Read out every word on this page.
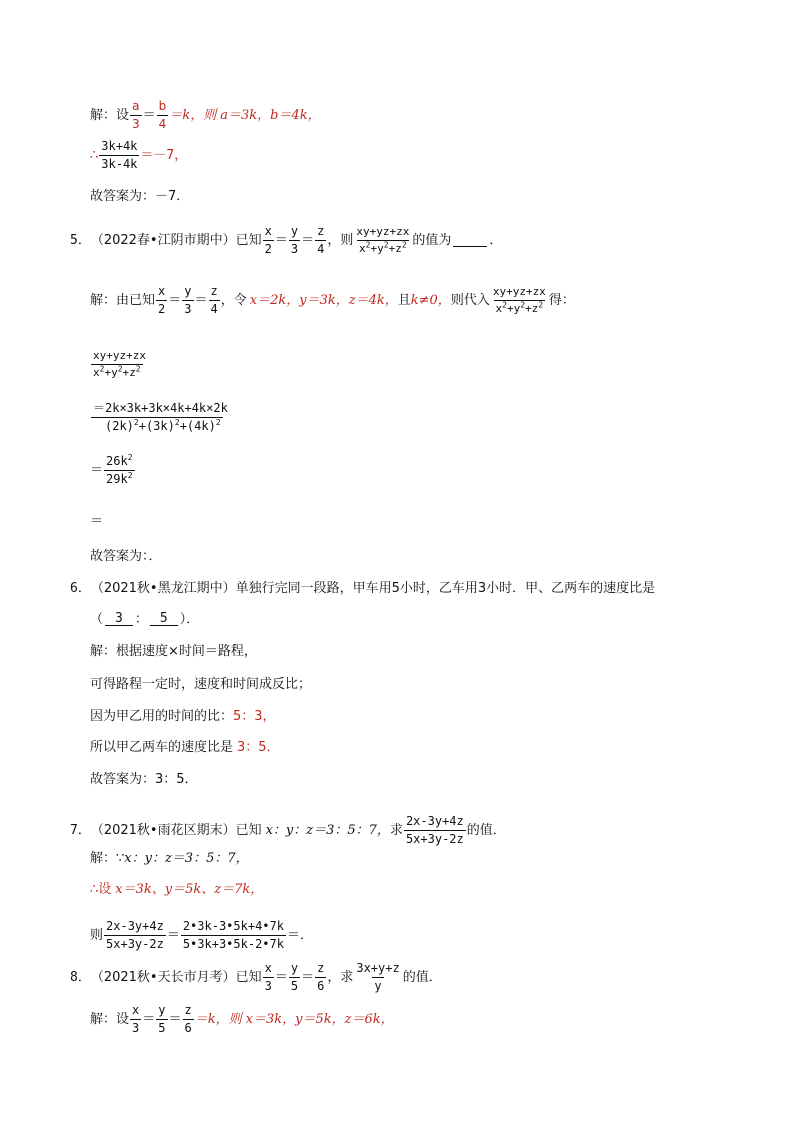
解：设 $\frac{a}{3} = \frac{b}{4} =k$，则 a＝3k， b＝4k，
∴ $\frac{3k+4k}{3k-4k} =-7$，
故答案为：－7．
5． （2022春•江阴市期中）已知 $\frac{x}{2} = \frac{y}{3} = \frac{z}{4}$ ，则 $\frac{xy+yz+zx}{x^2+y^2+z^2}$ 的值为	．
解：由已知 $\frac{x}{2} = \frac{y}{3} = \frac{z}{4}$ ，令 x＝2k， y＝3k， z＝4k， 且 k≠0， 则代入 $\frac{xy+yz+zx}{x^2+y^2+z^2}$ 得：
$\frac{xy+yz+zx}{x^2+y^2+z^2}$
$\frac{=2k\times 3k+3k\times 4k+4k\times 2k}{(2k)^2+(3k)^2+(4k)^2}$
＝ $\frac{26k^2}{29k^2}$
＝
故答案为：．
6． （2021秋•黑龙江期中）单独行完同一段路，甲车用5小时，乙车用3小时．甲、乙两车的速度比是
（ 3 ： 5 ）．
解：根据速度×时间＝路程，
可得路程一定时，速度和时间成反比；
因为甲乙用的时间的比： 5：3，
所以甲乙两车的速度比是 3：5．
故答案为：3：5．
7． （2021秋•雨花区期末）已知 x：y：z＝3：5：7， 求 $\frac{2x-3y+4z}{5x+3y-2z}$ 的值．
解：∵ x：y：z＝3：5：7，
∴设 x＝3k、y＝5k、z＝7k，
则 $\frac{2x-3y+4z}{5x+3y-2z} = \frac{2•3k-3•5k+4•7k}{5•3k+3•5k-2•7k}$ ＝．
8． （2021秋•天长市月考）已知 $\frac{x}{3} = \frac{y}{5} = \frac{z}{6}$ ，求 $\frac{3x+y+z}{y}$ 的值．
解：设 $\frac{x}{3} = \frac{y}{5} = \frac{z}{6} =k$，则 x＝3k，y＝5k，z＝6k，
